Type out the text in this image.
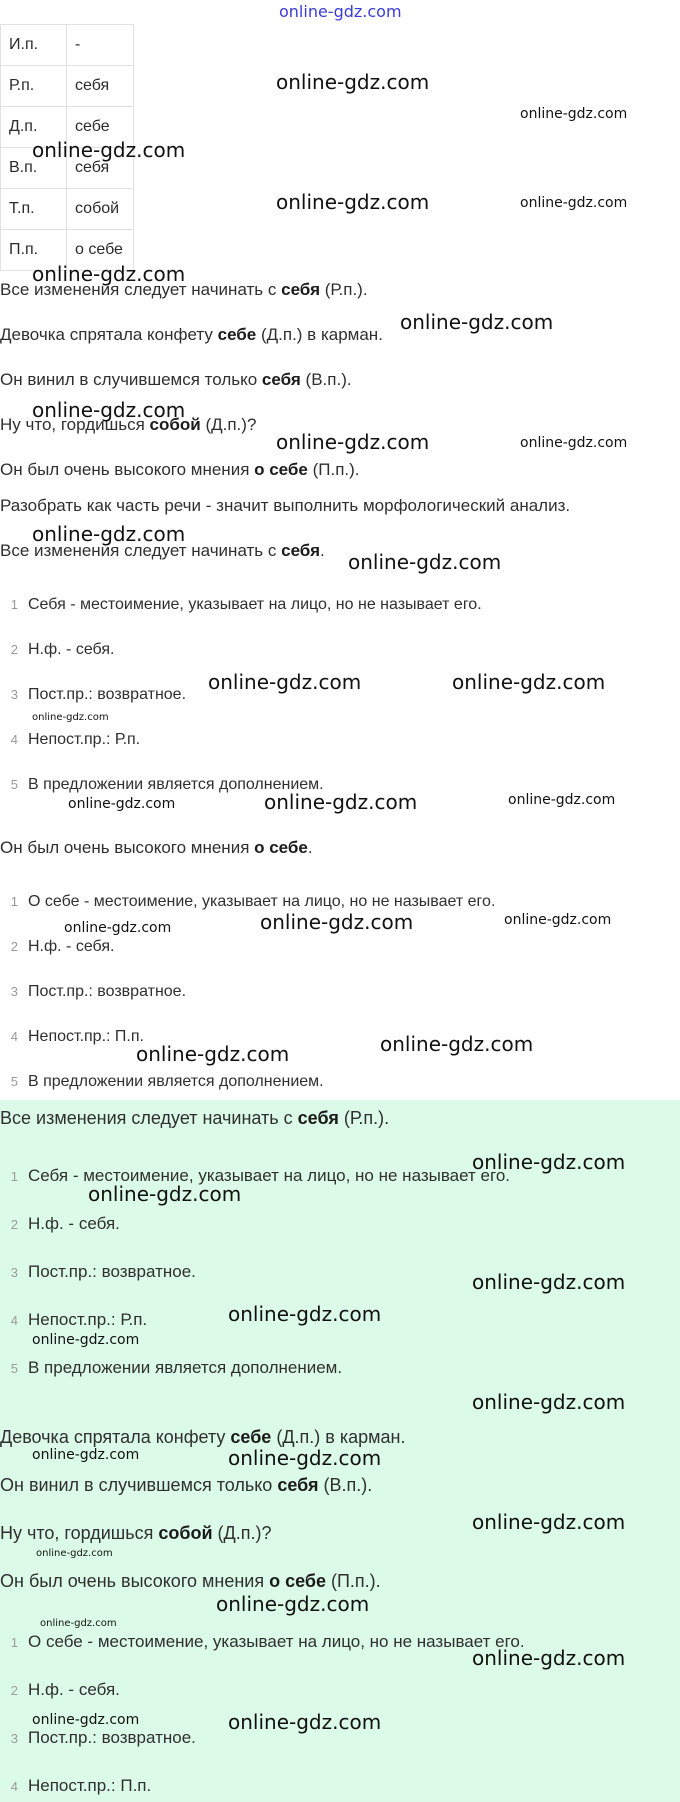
online-gdz.com
И.п.	-
Р.п.	себя
Д.п.	себе
В.п.	себя
Т.п.	собой
П.п.	о себе
Все изменения следует начинать с себя (Р.п.).
Девочка спрятала конфету себе (Д.п.) в карман.
Он винил в случившемся только себя (В.п.).
Ну что, гордишься собой (Д.п.)?
Он был очень высокого мнения о себе (П.п.).
Разобрать как часть речи - значит выполнить морфологический анализ.
Все изменения следует начинать с себя.
1 Себя - местоимение, указывает на лицо, но не называет его.
2 Н.ф. - себя.
3 Пост.пр.: возвратное.
4 Непост.пр.: Р.п.
5 В предложении является дополнением.
Он был очень высокого мнения о себе.
1 О себе - местоимение, указывает на лицо, но не называет его.
2 Н.ф. - себя.
3 Пост.пр.: возвратное.
4 Непост.пр.: П.п.
5 В предложении является дополнением.
Все изменения следует начинать с себя (Р.п.).
1 Себя - местоимение, указывает на лицо, но не называет его.
2 Н.ф. - себя.
3 Пост.пр.: возвратное.
4 Непост.пр.: Р.п.
5 В предложении является дополнением.
Девочка спрятала конфету себе (Д.п.) в карман.
Он винил в случившемся только себя (В.п.).
Ну что, гордишься собой (Д.п.)?
Он был очень высокого мнения о себе (П.п.).
1 О себе - местоимение, указывает на лицо, но не называет его.
2 Н.ф. - себя.
3 Пост.пр.: возвратное.
4 Непост.пр.: П.п.
online-gdz.com
online-gdz.com
online-gdz.com
online-gdz.com	online-gdz.com
online-gdz.com
online-gdz.com
online-gdz.com
online-gdz.com	online-gdz.com
online-gdz.com
online-gdz.com
online-gdz.com	online-gdz.com
online-gdz.com
online-gdz.com	online-gdz.com	online-gdz.com
online-gdz.com	online-gdz.com	online-gdz.com
online-gdz.com	online-gdz.com
online-gdz.com
online-gdz.com
online-gdz.com
online-gdz.com
online-gdz.com
online-gdz.com
online-gdz.com	online-gdz.com
online-gdz.com
online-gdz.com
online-gdz.com
online-gdz.com
online-gdz.com
online-gdz.com	online-gdz.com
